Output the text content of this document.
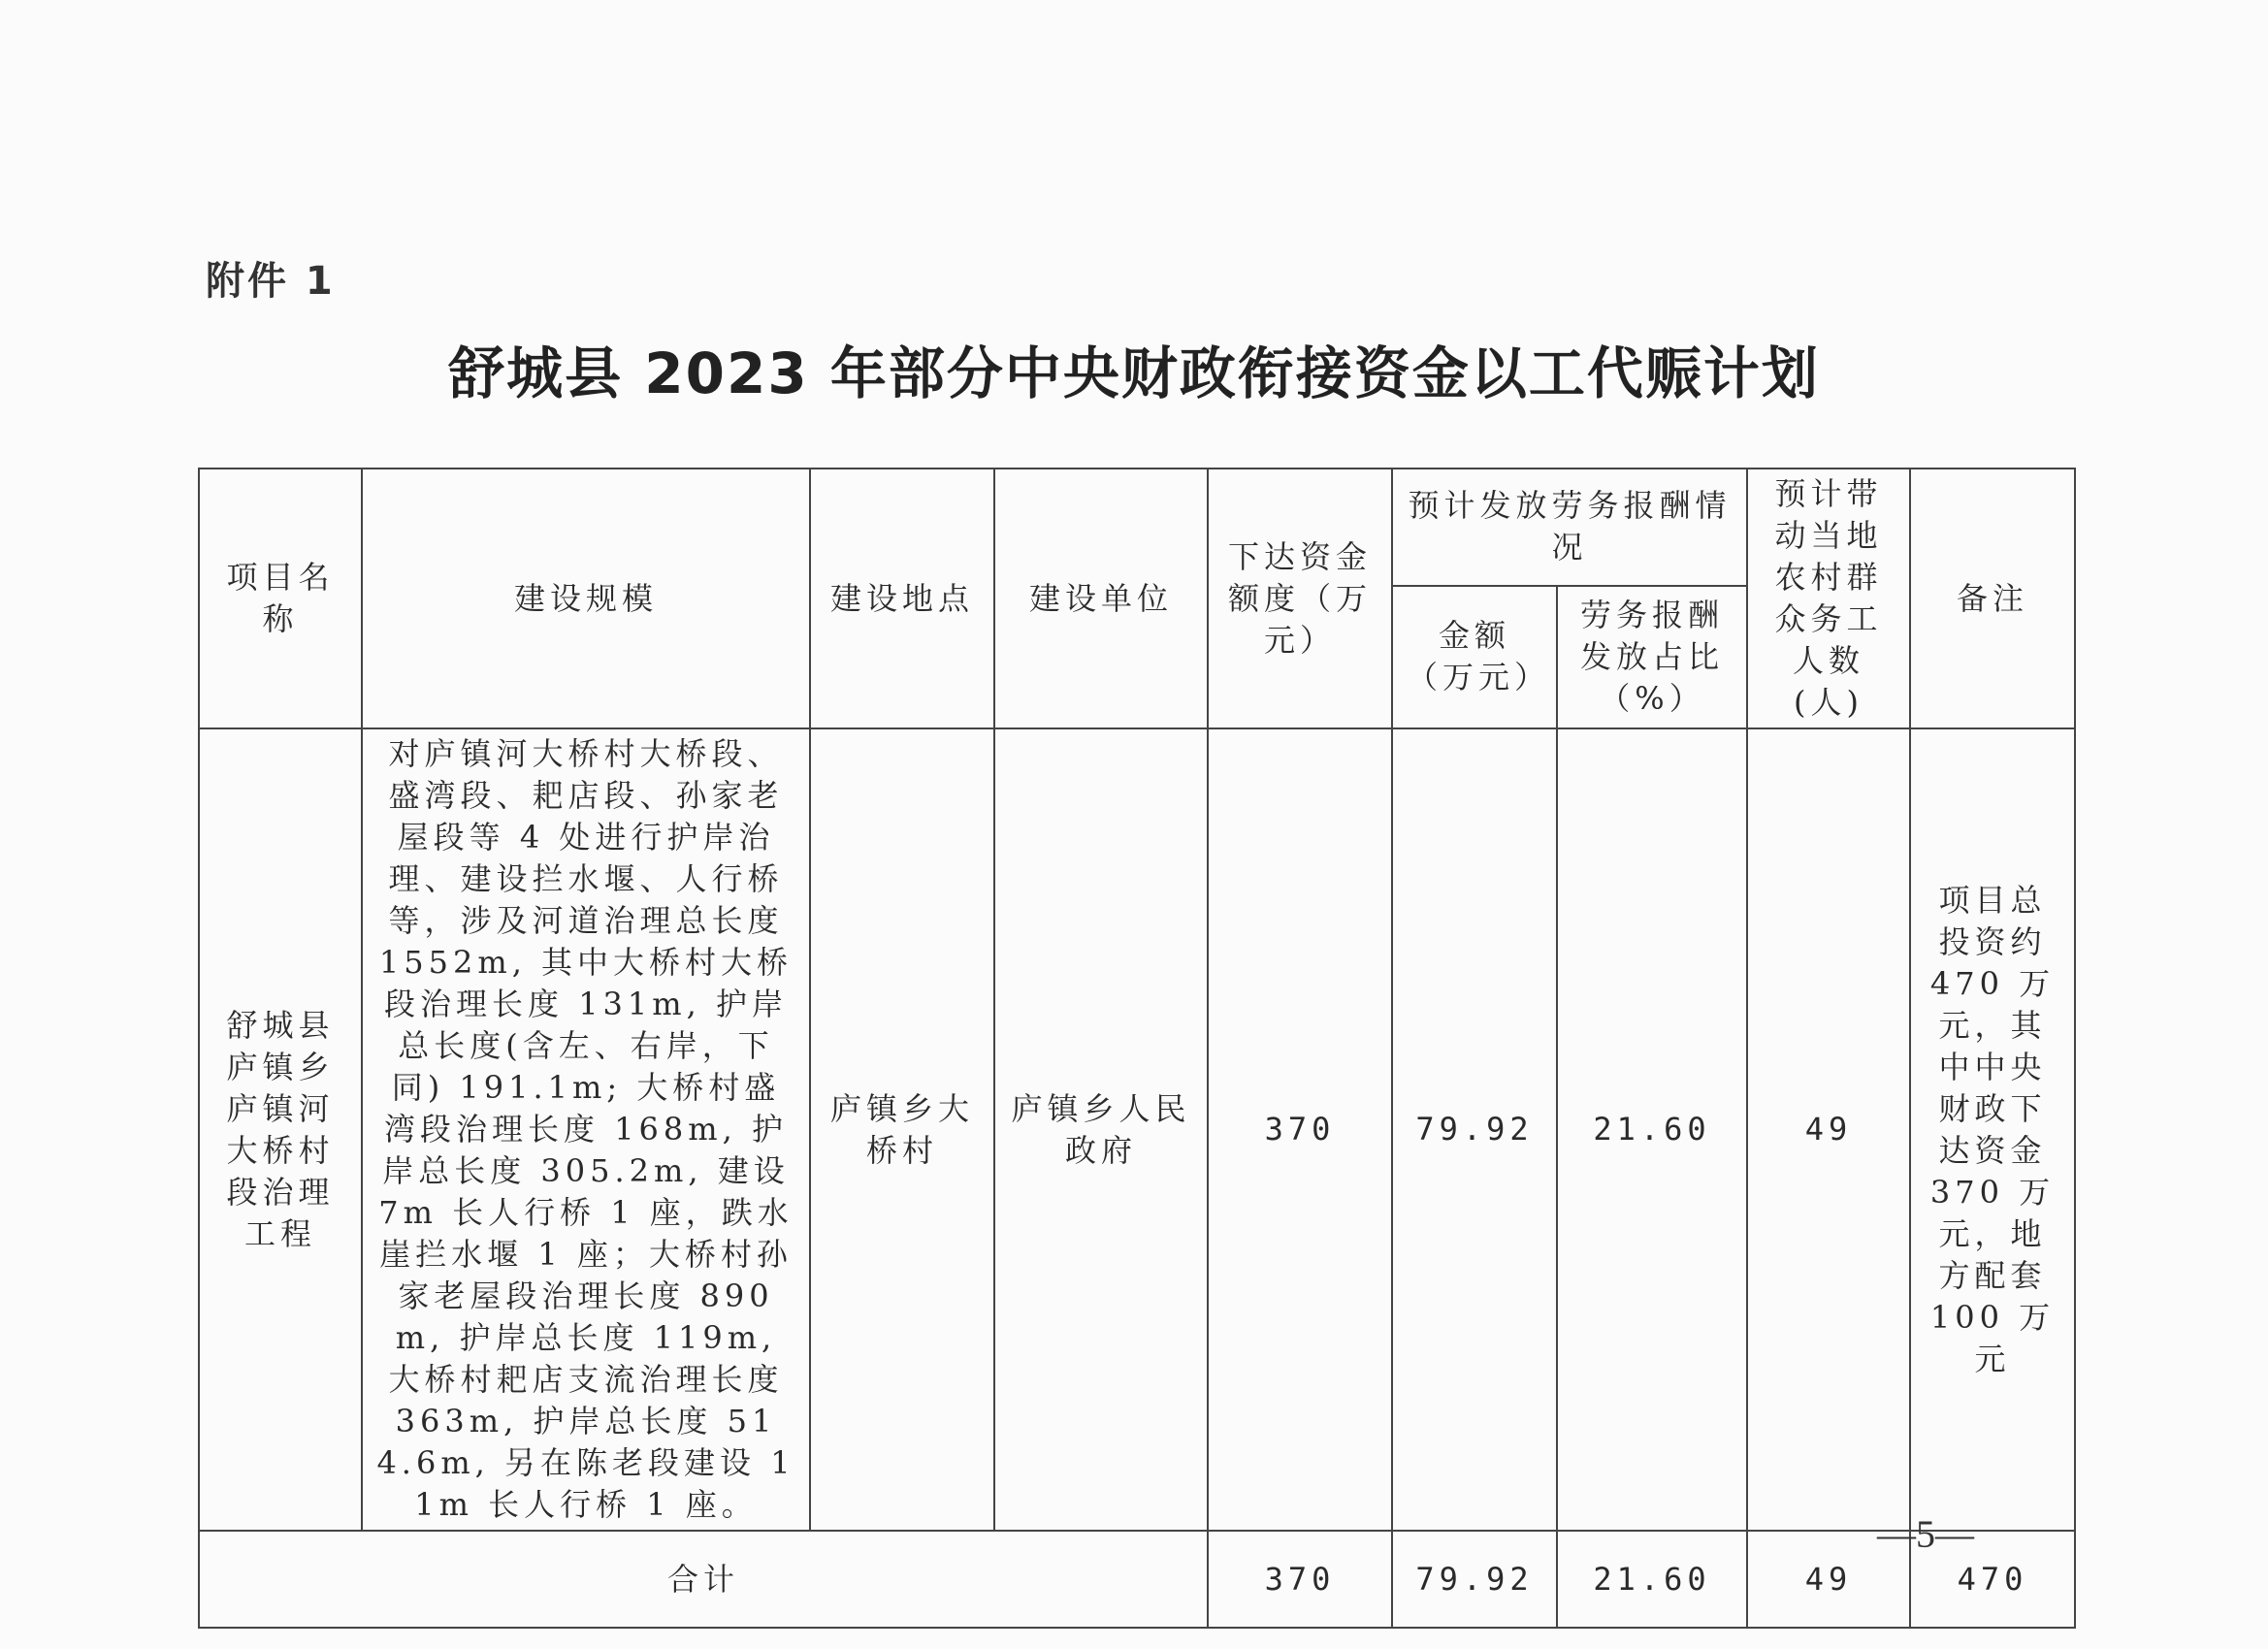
附件 1
舒城县 2023 年部分中央财政衔接资金以工代赈计划
项目名称	建设规模	建设地点	建设单位	下达资金额度（万元）	预计发放劳务报酬情况		预计带动当地农村群众务工人数(人)	备注
					金额（万元）	劳务报酬发放占比（%）		
舒城县庐镇乡庐镇河大桥村段治理工程	对庐镇河大桥村大桥段、盛湾段、耙店段、孙家老屋段等 4 处进行护岸治理、建设拦水堰、人行桥等，涉及河道治理总长度 1552m, 其中大桥村大桥段治理长度 131m, 护岸总长度(含左、右岸，下同) 191.1m; 大桥村盛湾段治理长度 168m, 护岸总长度 305.2m, 建设 7m 长人行桥 1 座，跌水崖拦水堰 1 座；大桥村孙家老屋段治理长度 890m, 护岸总长度 119m, 大桥村耙店支流治理长度 363m, 护岸总长度 514.6m, 另在陈老段建设 11m 长人行桥 1 座。	庐镇乡大桥村	庐镇乡人民政府	370	79.92	21.60	49	项目总投资约 470 万元，其中中央财政下达资金 370 万元，地方配套 100 万元
合计				370	79.92	21.60	49	470
—5—
